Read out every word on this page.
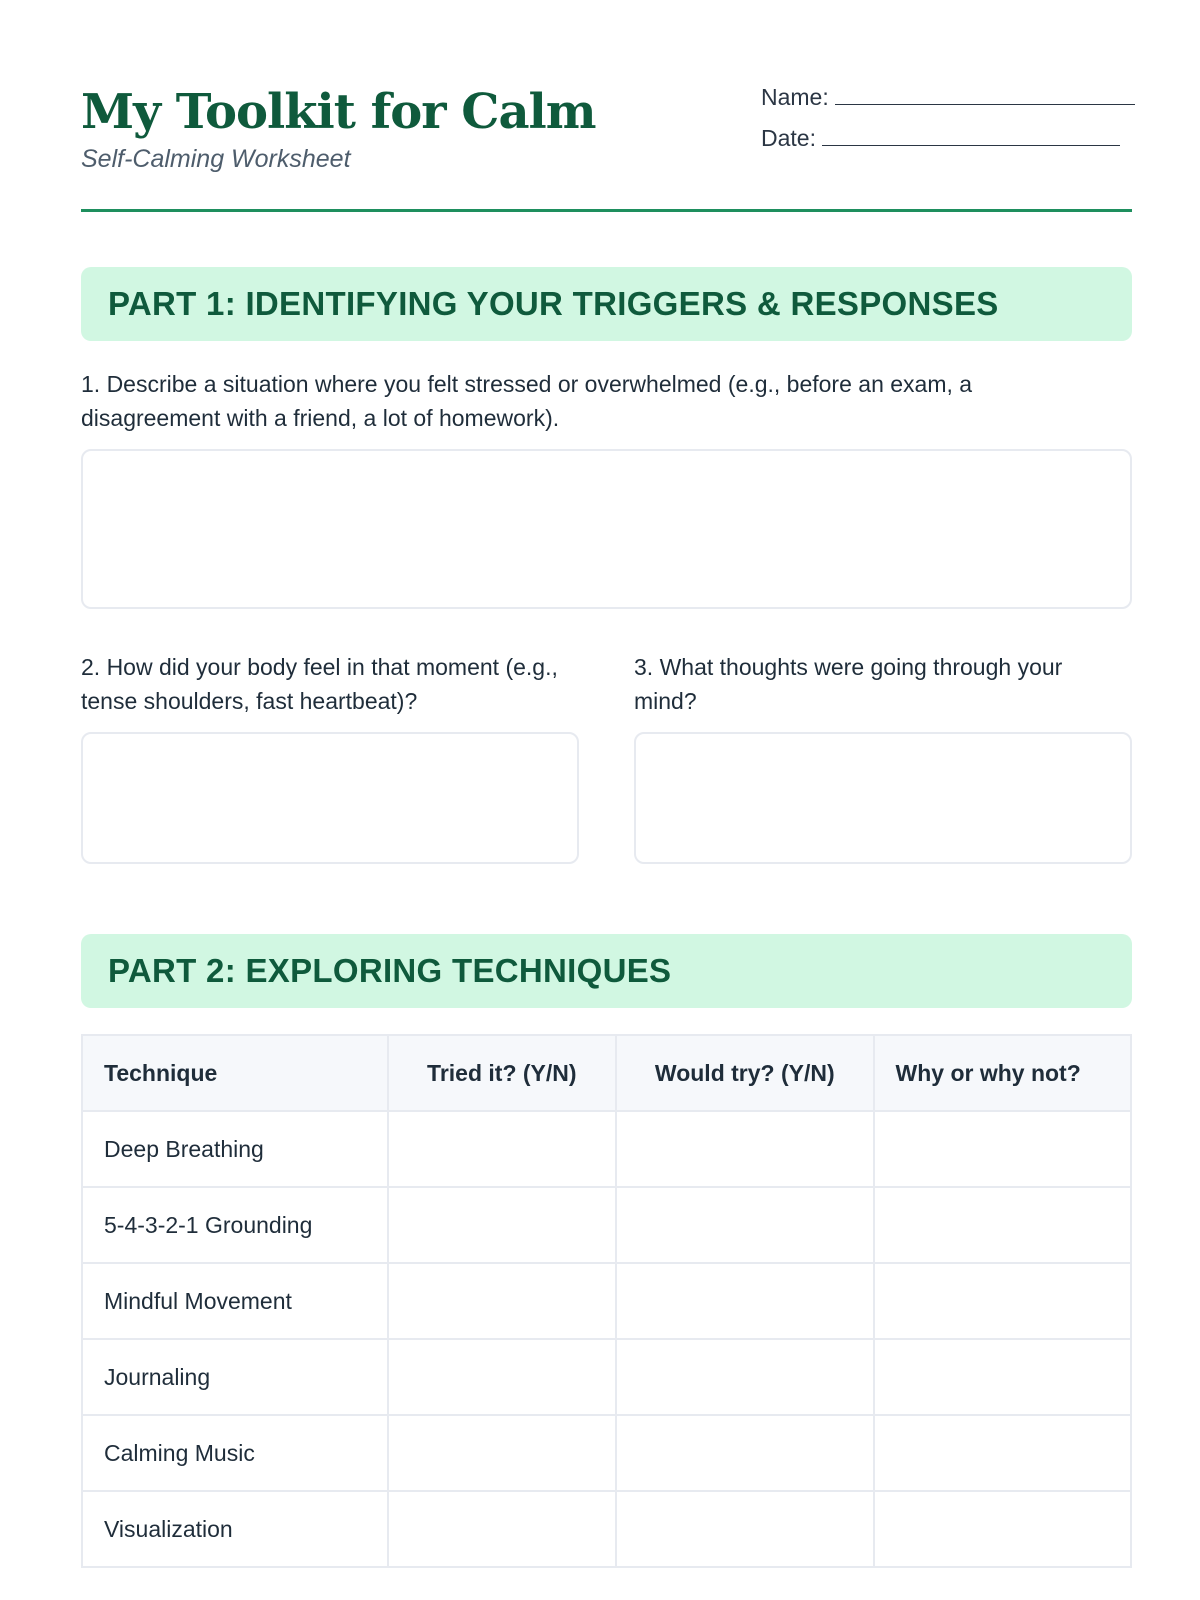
My Toolkit for Calm
Self-Calming Worksheet
Name:
Date:
PART 1: IDENTIFYING YOUR TRIGGERS & RESPONSES
1. Describe a situation where you felt stressed or overwhelmed (e.g., before an exam, a disagreement with a friend, a lot of homework).
2. How did your body feel in that moment (e.g., tense shoulders, fast heartbeat)?
3. What thoughts were going through your mind?
PART 2: EXPLORING TECHNIQUES
Technique	Tried it? (Y/N)	Would try? (Y/N)	Why or why not?
Deep Breathing			
5-4-3-2-1 Grounding			
Mindful Movement			
Journaling			
Calming Music			
Visualization			
